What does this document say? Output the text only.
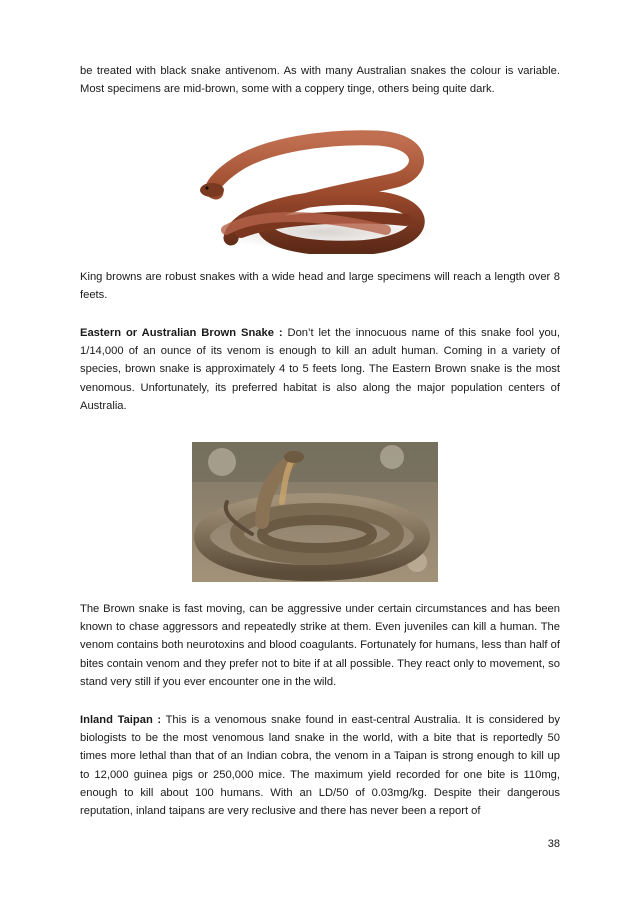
be treated with black snake antivenom. As with many Australian snakes the colour is variable. Most specimens are mid-brown, some with a coppery tinge, others being quite dark.

King browns are robust snakes with a wide head and large specimens will reach a length over 8 feets.

Eastern or Australian Brown Snake : Don’t let the innocuous name of this snake fool you, 1/14,000 of an ounce of its venom is enough to kill an adult human. Coming in a variety of species, brown snake is approximately 4 to 5 feets long. The Eastern Brown snake is the most venomous. Unfortunately, its preferred habitat is also along the major population centers of Australia.

The Brown snake is fast moving, can be aggressive under certain circumstances and has been known to chase aggressors and repeatedly strike at them. Even juveniles can kill a human. The venom contains both neurotoxins and blood coagulants. Fortunately for humans, less than half of bites contain venom and they prefer not to bite if at all possible. They react only to movement, so stand very still if you ever encounter one in the wild.

Inland Taipan : This is a venomous snake found in east-central Australia. It is considered by biologists to be the most venomous land snake in the world, with a bite that is reportedly 50 times more lethal than that of an Indian cobra, the venom in a Taipan is strong enough to kill up to 12,000 guinea pigs or 250,000 mice. The maximum yield recorded for one bite is 110mg, enough to kill about 100 humans. With an LD/50 of 0.03mg/kg. Despite their dangerous reputation, inland taipans are very reclusive and there has never been a report of

38
